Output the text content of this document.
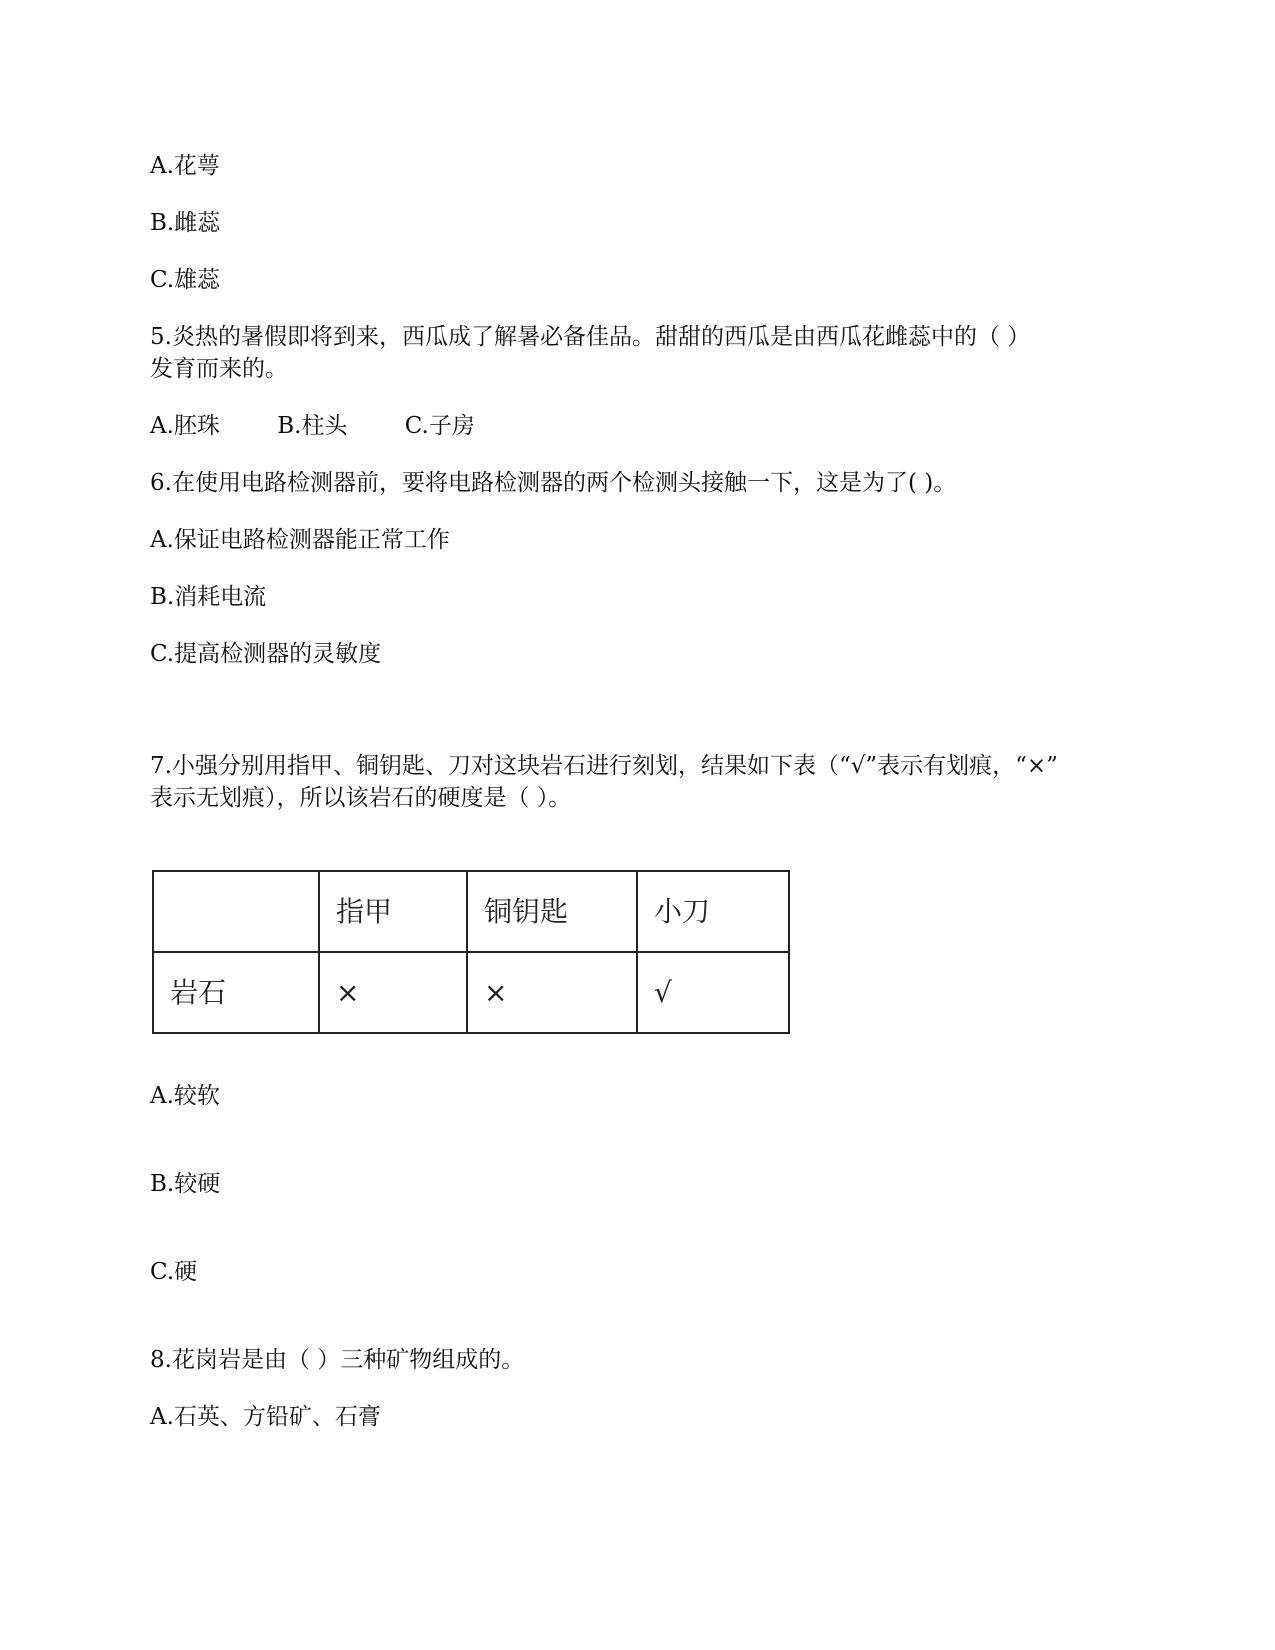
A.花萼
B.雌蕊
C.雄蕊
5.炎热的暑假即将到来，西瓜成了解暑必备佳品。甜甜的西瓜是由西瓜花雌蕊中的（ ）
发育而来的。
A.胚珠 B.柱头 C.子房
6.在使用电路检测器前，要将电路检测器的两个检测头接触一下，这是为了( )。
A.保证电路检测器能正常工作
B.消耗电流
C.提高检测器的灵敏度
7.小强分别用指甲、铜钥匙、刀对这块岩石进行刻划，结果如下表（“√”表示有划痕，“×”
表示无划痕），所以该岩石的硬度是（ ）。
	指甲	铜钥匙	小刀
岩石	×	×	√
A.较软
B.较硬
C.硬
8.花岗岩是由（ ）三种矿物组成的。
A.石英、方铅矿、石膏
